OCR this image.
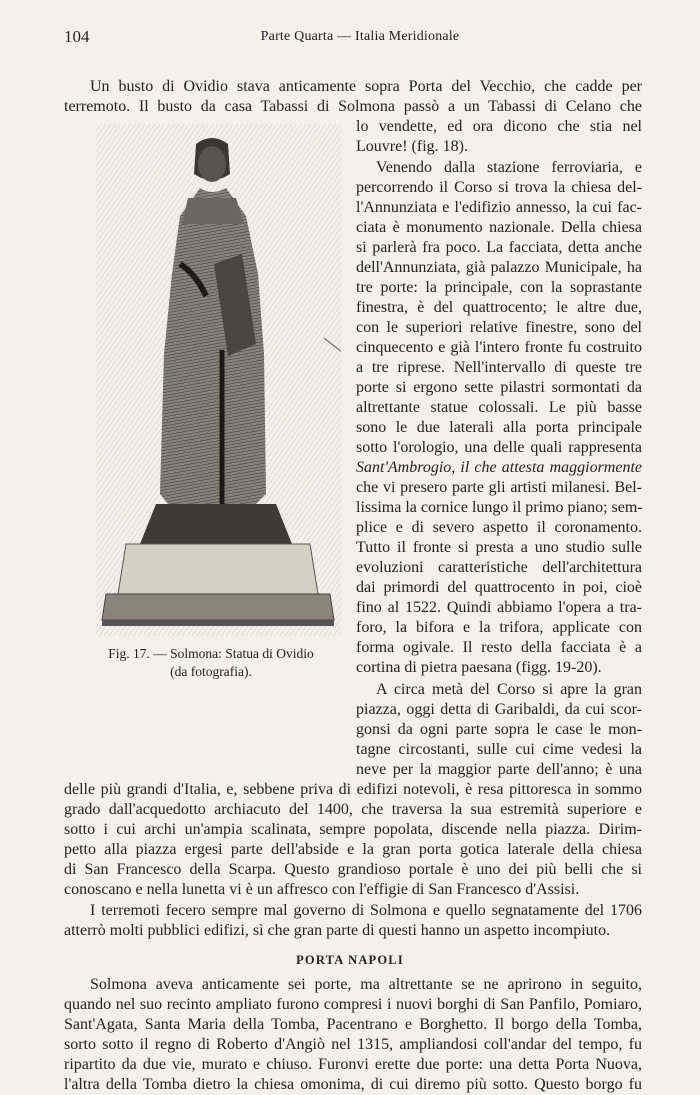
104	Parte Quarta — Italia Meridionale
Un busto di Ovidio stava anticamente sopra Porta del Vecchio, che cadde per
terremoto. Il busto da casa Tabassi di Solmona passò a un Tabassi di Celano che
lo vendette, ed ora dicono che stia nel
Louvre! (fig. 18).
Venendo dalla stazione ferroviaria, e
percorrendo il Corso si trova la chiesa del-
l'Annunziata e l'edifizio annesso, la cui fac-
ciata è monumento nazionale. Della chiesa
si parlerà fra poco. La facciata, detta anche
dell'Annunziata, già palazzo Municipale, ha
tre porte: la principale, con la soprastante
finestra, è del quattrocento; le altre due,
con le superiori relative finestre, sono del
cinquecento e già l'intero fronte fu costruito
a tre riprese. Nell'intervallo di queste tre
porte si ergono sette pilastri sormontati da
altrettante statue colossali. Le più basse
sono le due laterali alla porta principale
sotto l'orologio, una delle quali rappresenta
Sant'Ambrogio, il che attesta maggiormente
che vi presero parte gli artisti milanesi. Bel-
lissima la cornice lungo il primo piano; sem-
plice e di severo aspetto il coronamento.
Tutto il fronte si presta a uno studio sulle
evoluzioni caratteristiche dell'architettura
dai primordi del quattrocento in poi, cioè
fino al 1522. Quindi abbiamo l'opera a tra-
foro, la bifora e la trifora, applicate con
forma ogivale. Il resto della facciata è a
cortina di pietra paesana (figg. 19-20).
A circa metà del Corso si apre la gran
piazza, oggi detta di Garibaldi, da cui scor-
gonsi da ogni parte sopra le case le mon-
tagne circostanti, sulle cui cime vedesi la
neve per la maggior parte dell'anno; è una
delle più grandi d'Italia, e, sebbene priva di edifizi notevoli, è resa pittoresca in sommo
grado dall'acquedotto archiacuto del 1400, che traversa la sua estremità superiore e
sotto i cui archi un'ampia scalinata, sempre popolata, discende nella piazza. Dirim-
petto alla piazza ergesi parte dell'abside e la gran porta gotica laterale della chiesa
di San Francesco della Scarpa. Questo grandioso portale è uno dei più belli che si
conoscano e nella lunetta vi è un affresco con l'effigie di San Francesco d'Assisi.
I terremoti fecero sempre mal governo di Solmona e quello segnatamente del 1706
atterrò molti pubblici edifizi, sì che gran parte di questi hanno un aspetto incompiuto.
PORTA NAPOLI
Solmona aveva anticamente sei porte, ma altrettante se ne aprirono in seguito,
quando nel suo recinto ampliato furono compresi i nuovi borghi di San Panfilo, Pomiaro,
Sant'Agata, Santa Maria della Tomba, Pacentrano e Borghetto. Il borgo della Tomba,
sorto sotto il regno di Roberto d'Angiò nel 1315, ampliandosi coll'andar del tempo, fu
ripartito da due vie, murato e chiuso. Furonvi erette due porte: una detta Porta Nuova,
l'altra della Tomba dietro la chiesa omonima, di cui diremo più sotto. Questo borgo fu
Fig. 17. — Solmona: Statua di Ovidio
(da fotografia).
